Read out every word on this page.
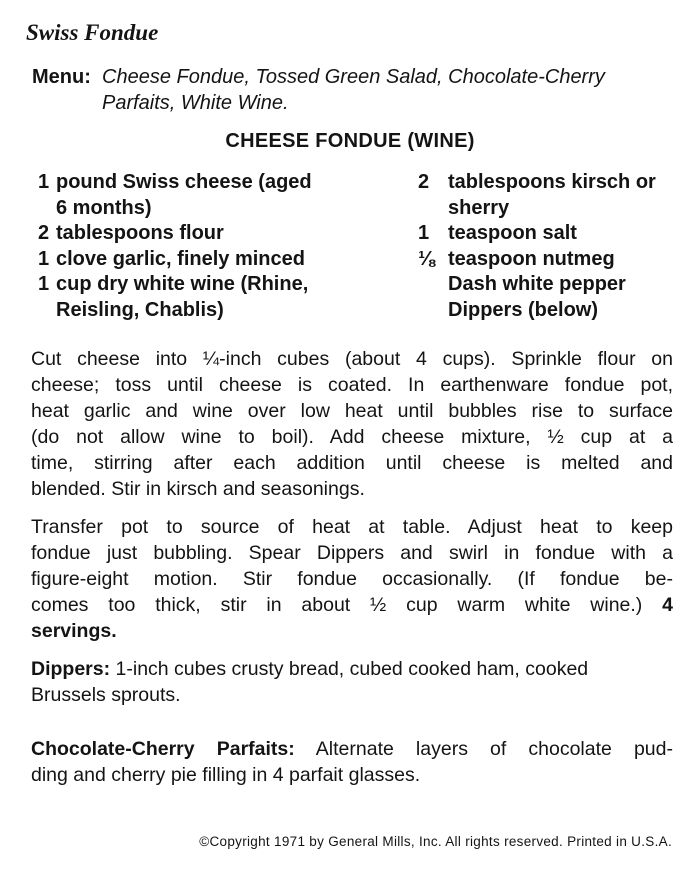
Swiss Fondue
Menu: Cheese Fondue, Tossed Green Salad, Chocolate-Cherry
Parfaits, White Wine.
CHEESE FONDUE (WINE)
1 pound Swiss cheese (aged
6 months)
2 tablespoons flour
1 clove garlic, finely minced
1 cup dry white wine (Rhine,
Reisling, Chablis)
2 tablespoons kirsch or
sherry
1 teaspoon salt
⅛ teaspoon nutmeg
Dash white pepper
Dippers (below)
Cut cheese into ¼-inch cubes (about 4 cups). Sprinkle flour on
cheese; toss until cheese is coated. In earthenware fondue pot,
heat garlic and wine over low heat until bubbles rise to surface
(do not allow wine to boil). Add cheese mixture, ½ cup at a
time, stirring after each addition until cheese is melted and
blended. Stir in kirsch and seasonings.
Transfer pot to source of heat at table. Adjust heat to keep
fondue just bubbling. Spear Dippers and swirl in fondue with a
figure-eight motion. Stir fondue occasionally. (If fondue be-
comes too thick, stir in about ½ cup warm white wine.) 4
servings.
Dippers: 1-inch cubes crusty bread, cubed cooked ham, cooked
Brussels sprouts.
Chocolate-Cherry Parfaits: Alternate layers of chocolate pud-
ding and cherry pie filling in 4 parfait glasses.
©Copyright 1971 by General Mills, Inc. All rights reserved. Printed in U.S.A.
